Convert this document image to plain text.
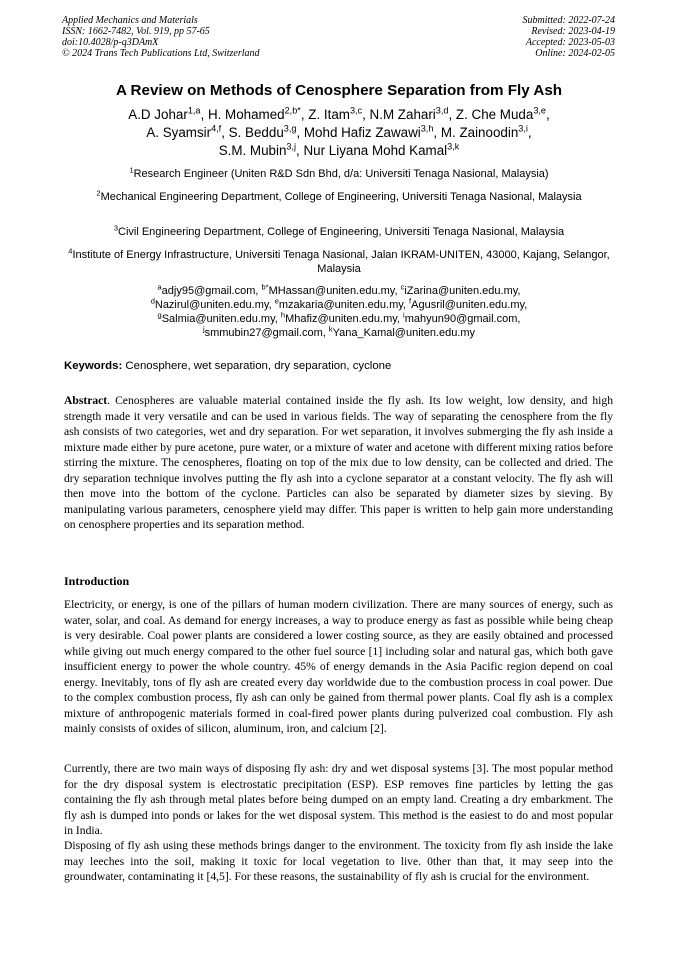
Applied Mechanics and Materials
ISSN: 1662-7482, Vol. 919, pp 57-65
doi:10.4028/p-q3DAmX
© 2024 Trans Tech Publications Ltd, Switzerland
Submitted: 2022-07-24
Revised: 2023-04-19
Accepted: 2023-05-03
Online: 2024-02-05
A Review on Methods of Cenosphere Separation from Fly Ash
A.D Johar$^{1,a}$, H. Mohamed$^{2,b*}$, Z. Itam$^{3,c}$, N.M Zahari$^{3,d}$, Z. Che Muda$^{3,e}$,
A. Syamsir$^{4,f}$, S. Beddu$^{3,g}$, Mohd Hafiz Zawawi$^{3,h}$, M. Zainoodin$^{3,i}$,
S.M. Mubin$^{3,j}$, Nur Liyana Mohd Kamal$^{3,k}$
$^1$Research Engineer (Uniten R&D Sdn Bhd, d/a: Universiti Tenaga Nasional, Malaysia)
$^2$Mechanical Engineering Department, College of Engineering, Universiti Tenaga Nasional, Malaysia
$^3$Civil Engineering Department, College of Engineering, Universiti Tenaga Nasional, Malaysia
$^4$Institute of Energy Infrastructure, Universiti Tenaga Nasional, Jalan IKRAM-UNITEN, 43000, Kajang, Selangor, Malaysia
$^a$adjy95@gmail.com, $^{b*}$MHassan@uniten.edu.my, $^c$iZarina@uniten.edu.my,
$^d$Nazirul@uniten.edu.my, $^e$mzakaria@uniten.edu.my, $^f$Agusril@uniten.edu.my,
$^g$Salmia@uniten.edu.my, $^h$Mhafiz@uniten.edu.my, $^i$mahyun90@gmail.com,
$^j$smmubin27@gmail.com, $^k$Yana_Kamal@uniten.edu.my
Keywords: Cenosphere, wet separation, dry separation, cyclone
Abstract. Cenospheres are valuable material contained inside the fly ash. Its low weight, low density, and high strength made it very versatile and can be used in various fields. The way of separating the cenosphere from the fly ash consists of two categories, wet and dry separation. For wet separation, it involves submerging the fly ash inside a mixture made either by pure acetone, pure water, or a mixture of water and acetone with different mixing ratios before stirring the mixture. The cenospheres, floating on top of the mix due to low density, can be collected and dried. The dry separation technique involves putting the fly ash into a cyclone separator at a constant velocity. The fly ash will then move into the bottom of the cyclone. Particles can also be separated by diameter sizes by sieving. By manipulating various parameters, cenosphere yield may differ. This paper is written to help gain more understanding on cenosphere properties and its separation method.
Introduction
Electricity, or energy, is one of the pillars of human modern civilization. There are many sources of energy, such as water, solar, and coal. As demand for energy increases, a way to produce energy as fast as possible while being cheap is very desirable. Coal power plants are considered a lower costing source, as they are easily obtained and processed while giving out much energy compared to the other fuel source [1] including solar and natural gas, which both gave insufficient energy to power the whole country. 45% of energy demands in the Asia Pacific region depend on coal energy. Inevitably, tons of fly ash are created every day worldwide due to the combustion process in coal power. Due to the complex combustion process, fly ash can only be gained from thermal power plants. Coal fly ash is a complex mixture of anthropogenic materials formed in coal-fired power plants during pulverized coal combustion. Fly ash mainly consists of oxides of silicon, aluminum, iron, and calcium [2].
Currently, there are two main ways of disposing fly ash: dry and wet disposal systems [3]. The most popular method for the dry disposal system is electrostatic precipitation (ESP). ESP removes fine particles by letting the gas containing the fly ash through metal plates before being dumped on an empty land. Creating a dry embarkment. The fly ash is dumped into ponds or lakes for the wet disposal system. This method is the easiest to do and most popular in India.
Disposing of fly ash using these methods brings danger to the environment. The toxicity from fly ash inside the lake may leeches into the soil, making it toxic for local vegetation to live. 0ther than that, it may seep into the groundwater, contaminating it [4,5]. For these reasons, the sustainability of fly ash is crucial for the environment.
